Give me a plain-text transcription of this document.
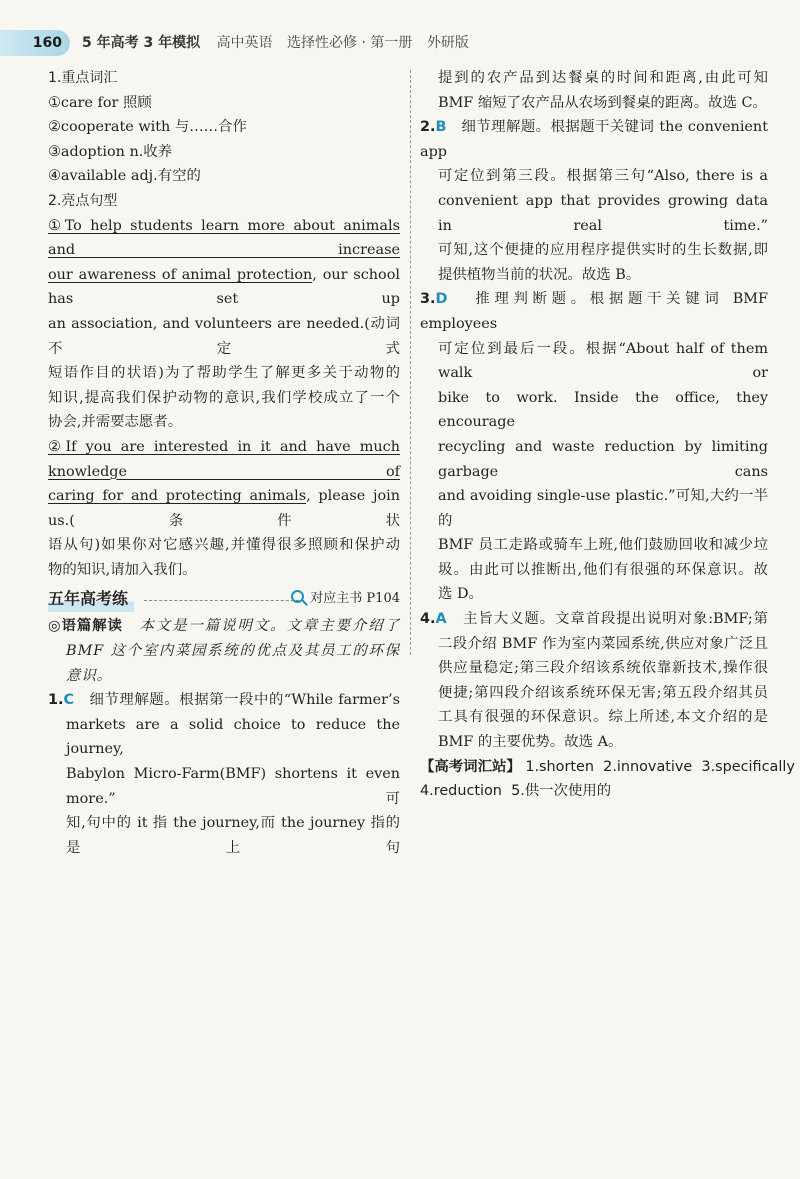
160	5 年高考 3 年模拟 高中英语 选择性必修 · 第一册 外研版
1.重点词汇
①care for 照顾
②cooperate with 与……合作
③adoption n.收养
④available adj.有空的
2.亮点句型
①To help students learn more about animals and increase
our awareness of animal protection, our school has set up
an association, and volunteers are needed.(动词不定式
短语作目的状语)为了帮助学生了解更多关于动物的
知识,提高我们保护动物的意识,我们学校成立了一个
协会,并需要志愿者。
②If you are interested in it and have much knowledge of
caring for and protecting animals, please join us.(条件状
语从句)如果你对它感兴趣,并懂得很多照顾和保护动
物的知识,请加入我们。
五年高考练	对应主书 P104
◎语篇解读 本文是一篇说明文。文章主要介绍了
BMF 这个室内菜园系统的优点及其员工的环保
意识。
1.C 细节理解题。根据第一段中的“While farmer’s
markets are a solid choice to reduce the journey,
Babylon Micro-Farm(BMF) shortens it even more.”可
知,句中的 it 指 the journey,而 the journey 指的是上句
提到的农产品到达餐桌的时间和距离,由此可知
BMF 缩短了农产品从农场到餐桌的距离。故选 C。
2.B 细节理解题。根据题干关键词 the convenient app
可定位到第三段。根据第三句“Also, there is a
convenient app that provides growing data in real time.”
可知,这个便捷的应用程序提供实时的生长数据,即
提供植物当前的状况。故选 B。
3.D 推理判断题。根据题干关键词 BMF employees
可定位到最后一段。根据“About half of them walk or
bike to work. Inside the office, they encourage
recycling and waste reduction by limiting garbage cans
and avoiding single-use plastic.”可知,大约一半的
BMF 员工走路或骑车上班,他们鼓励回收和减少垃
圾。由此可以推断出,他们有很强的环保意识。故
选 D。
4.A 主旨大义题。文章首段提出说明对象:BMF;第
二段介绍 BMF 作为室内菜园系统,供应对象广泛且
供应量稳定;第三段介绍该系统依靠新技术,操作很
便捷;第四段介绍该系统环保无害;第五段介绍其员
工具有很强的环保意识。综上所述,本文介绍的是
BMF 的主要优势。故选 A。
【高考词汇站】 1.shorten  2.innovative  3.specifically
4.reduction  5.供一次使用的
